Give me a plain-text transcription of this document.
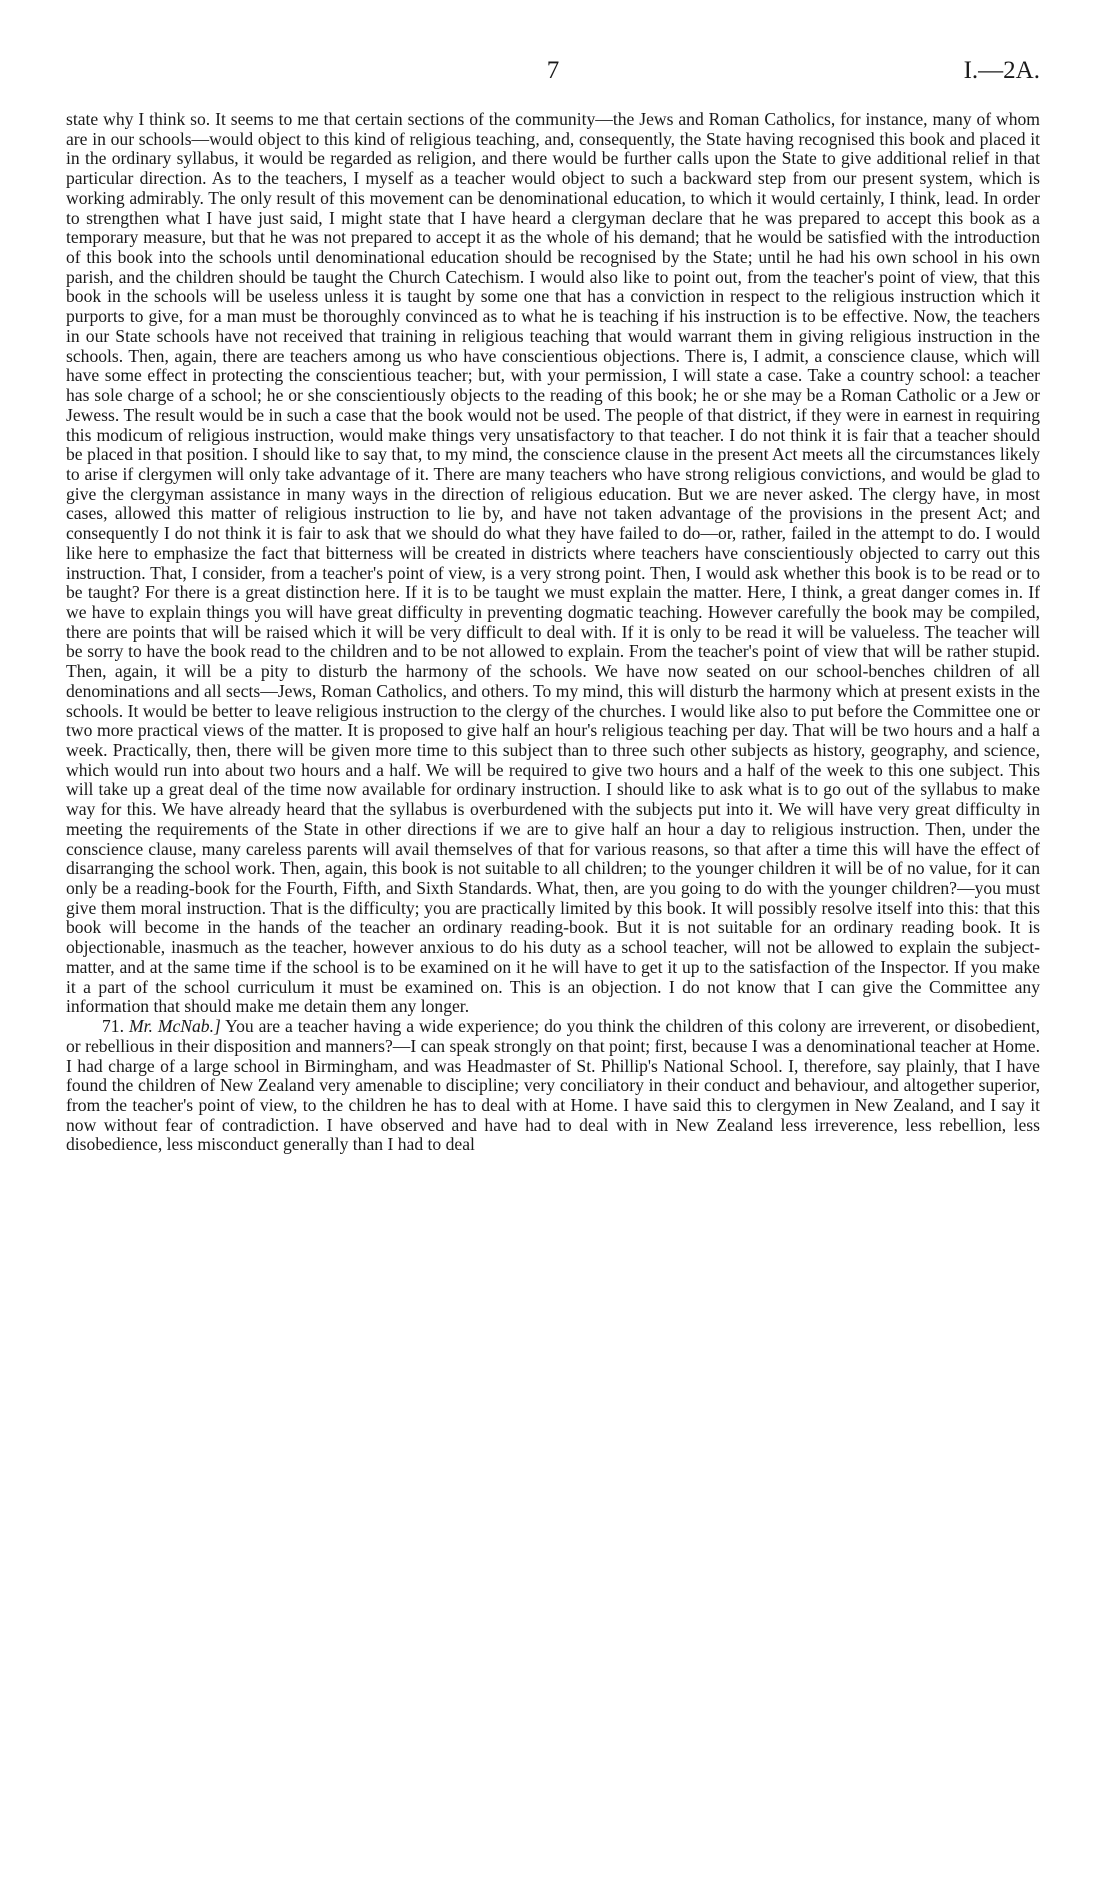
7	I.—2A.

state why I think so. It seems to me that certain sections of the community—the Jews and Roman Catholics, for instance, many of whom are in our schools—would object to this kind of religious teaching, and, consequently, the State having recognised this book and placed it in the ordinary syllabus, it would be regarded as religion, and there would be further calls upon the State to give additional relief in that particular direction. As to the teachers, I myself as a teacher would object to such a backward step from our present system, which is working admirably. The only result of this movement can be denominational education, to which it would certainly, I think, lead. In order to strengthen what I have just said, I might state that I have heard a clergyman declare that he was prepared to accept this book as a temporary measure, but that he was not prepared to accept it as the whole of his demand; that he would be satisfied with the introduction of this book into the schools until denominational education should be recognised by the State; until he had his own school in his own parish, and the children should be taught the Church Catechism. I would also like to point out, from the teacher's point of view, that this book in the schools will be useless unless it is taught by some one that has a conviction in respect to the religious instruction which it purports to give, for a man must be thoroughly convinced as to what he is teaching if his instruction is to be effective. Now, the teachers in our State schools have not received that training in religious teaching that would warrant them in giving religious instruction in the schools. Then, again, there are teachers among us who have conscientious objections. There is, I admit, a conscience clause, which will have some effect in protecting the conscientious teacher; but, with your permission, I will state a case. Take a country school: a teacher has sole charge of a school; he or she conscientiously objects to the reading of this book; he or she may be a Roman Catholic or a Jew or Jewess. The result would be in such a case that the book would not be used. The people of that district, if they were in earnest in requiring this modicum of religious instruction, would make things very unsatisfactory to that teacher. I do not think it is fair that a teacher should be placed in that position. I should like to say that, to my mind, the conscience clause in the present Act meets all the circumstances likely to arise if clergymen will only take advantage of it. There are many teachers who have strong religious convictions, and would be glad to give the clergyman assistance in many ways in the direction of religious education. But we are never asked. The clergy have, in most cases, allowed this matter of religious instruction to lie by, and have not taken advantage of the provisions in the present Act; and consequently I do not think it is fair to ask that we should do what they have failed to do—or, rather, failed in the attempt to do. I would like here to emphasize the fact that bitterness will be created in districts where teachers have conscientiously objected to carry out this instruction. That, I consider, from a teacher's point of view, is a very strong point. Then, I would ask whether this book is to be read or to be taught? For there is a great distinction here. If it is to be taught we must explain the matter. Here, I think, a great danger comes in. If we have to explain things you will have great difficulty in preventing dogmatic teaching. However carefully the book may be compiled, there are points that will be raised which it will be very difficult to deal with. If it is only to be read it will be valueless. The teacher will be sorry to have the book read to the children and to be not allowed to explain. From the teacher's point of view that will be rather stupid. Then, again, it will be a pity to disturb the harmony of the schools. We have now seated on our school-benches children of all denominations and all sects—Jews, Roman Catholics, and others. To my mind, this will disturb the harmony which at present exists in the schools. It would be better to leave religious instruction to the clergy of the churches. I would like also to put before the Committee one or two more practical views of the matter. It is proposed to give half an hour's religious teaching per day. That will be two hours and a half a week. Practically, then, there will be given more time to this subject than to three such other subjects as history, geography, and science, which would run into about two hours and a half. We will be required to give two hours and a half of the week to this one subject. This will take up a great deal of the time now available for ordinary instruction. I should like to ask what is to go out of the syllabus to make way for this. We have already heard that the syllabus is overburdened with the subjects put into it. We will have very great difficulty in meeting the requirements of the State in other directions if we are to give half an hour a day to religious instruction. Then, under the conscience clause, many careless parents will avail themselves of that for various reasons, so that after a time this will have the effect of disarranging the school work. Then, again, this book is not suitable to all children; to the younger children it will be of no value, for it can only be a reading-book for the Fourth, Fifth, and Sixth Standards. What, then, are you going to do with the younger children?—you must give them moral instruction. That is the difficulty; you are practically limited by this book. It will possibly resolve itself into this: that this book will become in the hands of the teacher an ordinary reading-book. But it is not suitable for an ordinary reading book. It is objectionable, inasmuch as the teacher, however anxious to do his duty as a school teacher, will not be allowed to explain the subject-matter, and at the same time if the school is to be examined on it he will have to get it up to the satisfaction of the Inspector. If you make it a part of the school curriculum it must be examined on. This is an objection. I do not know that I can give the Committee any information that should make me detain them any longer.

71. Mr. McNab.] You are a teacher having a wide experience; do you think the children of this colony are irreverent, or disobedient, or rebellious in their disposition and manners?—I can speak strongly on that point; first, because I was a denominational teacher at Home. I had charge of a large school in Birmingham, and was Headmaster of St. Phillip's National School. I, therefore, say plainly, that I have found the children of New Zealand very amenable to discipline; very conciliatory in their conduct and behaviour, and altogether superior, from the teacher's point of view, to the children he has to deal with at Home. I have said this to clergymen in New Zealand, and I say it now without fear of contradiction. I have observed and have had to deal with in New Zealand less irreverence, less rebellion, less disobedience, less misconduct generally than I had to deal
